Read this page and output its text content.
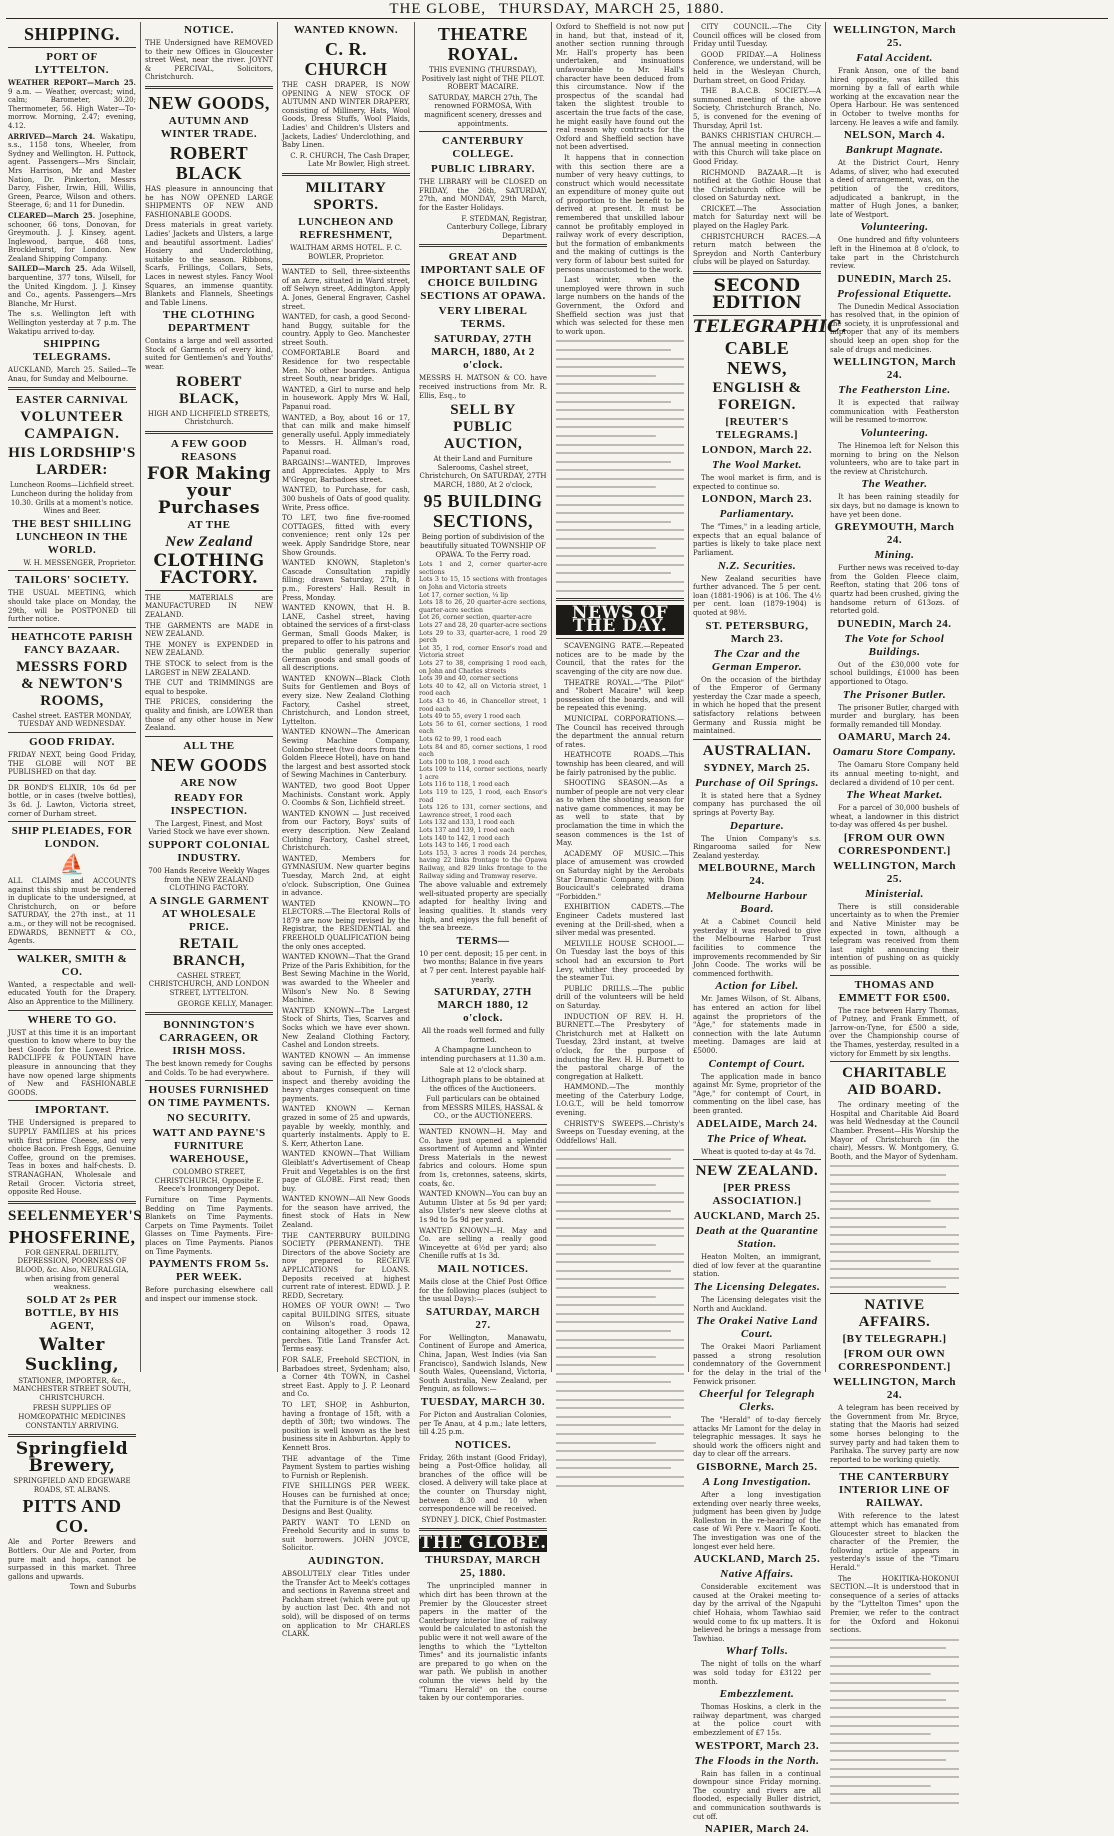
THE GLOBE, THURSDAY, MARCH 25, 1880.
SHIPPING.
PORT OF LYTTELTON.

WEATHER REPORT—March 25. 9 a.m. — Weather, overcast; wind, calm; Barometer, 30.20; Thermometer, 56. High Water—To-morrow. Morning, 2.47; evening, 4.12.

ARRIVED—March 24. Wakatipu, s.s., 1158 tons, Wheeler, from Sydney and Wellington. H. Puttock, agent. Passengers—Mrs Sinclair, Mrs Harrison, Mr and Master Nation, Dr. Pinkerton, Messrs Darcy, Fisher, Irwin, Hill, Willis, Green, Pearce, Wilson and others. Steerage, 6; and 11 for Dunedin.

CLEARED—March 25. Josephine, schooner, 66 tons, Donovan, for Greymouth. J. J. Kinsey, agent. Inglewood, barque, 468 tons, Brocklehurst, for London. New Zealand Shipping Company.

SAILED—March 25. Ada Wilsell, barquentine, 377 tons, Wilsell, for the United Kingdom. J. J. Kinsey and Co., agents. Passengers—Mrs Blanche, Mr Hurst.

The s.s. Wellington left with Wellington yesterday at 7 p.m. The Wakatipu arrived to-day.

SHIPPING TELEGRAMS.

AUCKLAND, March 25. Sailed—Te Anau, for Sunday and Melbourne.

EASTER CARNIVAL
VOLUNTEER CAMPAIGN.
HIS LORDSHIP'S LARDER:

Luncheon Rooms—Lichfield street. Luncheon during the holiday from 10.30. Grills at a moment's notice. Wines and Beer.

THE BEST SHILLING LUNCHEON IN THE WORLD.

W. H. MESSENGER, Proprietor.

TAILORS' SOCIETY.

THE USUAL MEETING, which should take place on Monday, the 29th, will be POSTPONED till further notice.

HEATHCOTE PARISH FANCY BAZAAR.
MESSRS FORD & NEWTON'S ROOMS,

Cashel street. EASTER MONDAY, TUESDAY AND WEDNESDAY.

GOOD FRIDAY.

FRIDAY NEXT, being Good Friday, THE GLOBE will NOT BE PUBLISHED on that day.

DR BOND'S ELIXIR, 10s 6d per bottle, or in cases (twelve bottles), 3s 6d. J. Lawton, Victoria street, corner of Durham street.

SHIP PLEIADES, FOR LONDON.
⛵

ALL CLAIMS and ACCOUNTS against this ship must be rendered in duplicate to the undersigned, at Christchurch, on or before SATURDAY, the 27th inst., at 11 a.m., or they will not be recognised. EDWARDS, BENNETT & CO., Agents.

WALKER, SMITH & CO.

Wanted, a respectable and well-educated Youth for the Drapery. Also an Apprentice to the Millinery.

WHERE TO GO.

JUST at this time it is an important question to know where to buy the best Goods for the Lowest Price. RADCLIFFE & FOUNTAIN have pleasure in announcing that they have now opened large shipments of New and FASHIONABLE GOODS.

IMPORTANT.

THE Undersigned is prepared to SUPPLY FAMILIES at his prices with first prime Cheese, and very choice Bacon. Fresh Eggs, Genuine Coffee, ground on the premises. Teas in boxes and half-chests. D. STRANAGHAN, Wholesale and Retail Grocer. Victoria street, opposite Red House.

SEELENMEYER'S
PHOSFERINE,

FOR GENERAL DEBILITY, DEPRESSION, POORNESS OF BLOOD, &c. Also, NEURALGIA, when arising from general weakness.

SOLD AT 2s PER BOTTLE, BY HIS AGENT,
Walter Suckling,

STATIONER, IMPORTER, &c., MANCHESTER STREET SOUTH, CHRISTCHURCH.

FRESH SUPPLIES OF HOMŒOPATHIC MEDICINES CONSTANTLY ARRIVING.

Springfield Brewery,

SPRINGFIELD AND EDGEWARE ROADS, ST. ALBANS.

PITTS AND CO.

Ale and Porter Brewers and Bottlers. Our Ale and Porter, from pure malt and hops, cannot be surpassed in this market. Three gallons and upwards.

Town and Suburbs

NOTICE.

THE Undersigned have REMOVED to their new Offices in Gloucester street West, near the river. JOYNT & PERCIVAL, Solicitors, Christchurch.

NEW GOODS,
AUTUMN AND WINTER TRADE.
ROBERT BLACK

HAS pleasure in announcing that he has NOW OPENED LARGE SHIPMENTS OF NEW AND FASHIONABLE GOODS.

Dress materials in great variety. Ladies' Jackets and Ulsters, a large and beautiful assortment. Ladies' Hosiery and Underclothing, suitable to the season. Ribbons, Scarfs, Frillings, Collars, Sets, Laces in newest styles. Fancy Wool Squares, an immense quantity. Blankets and Flannels, Sheetings and Table Linens.

THE CLOTHING DEPARTMENT

Contains a large and well assorted Stock of Garments of every kind, suited for Gentlemen's and Youths' wear.

ROBERT BLACK,

HIGH AND LICHFIELD STREETS, Christchurch.

A FEW GOOD REASONS
FOR Making your Purchases
AT THE
New Zealand
CLOTHING FACTORY.

THE MATERIALS are MANUFACTURED IN NEW ZEALAND.

THE GARMENTS are MADE in NEW ZEALAND.

THE MONEY is EXPENDED in NEW ZEALAND.

THE STOCK to select from is the LARGEST in NEW ZEALAND.

THE CUT and TRIMMINGS are equal to bespoke.

THE PRICES, considering the quality and finish, are LOWER than those of any other house in New Zealand.

ALL THE
NEW GOODS
ARE NOW
READY FOR INSPECTION.

The Largest, Finest, and Most Varied Stock we have ever shown.

SUPPORT COLONIAL INDUSTRY.

700 Hands Receive Weekly Wages from the NEW ZEALAND CLOTHING FACTORY.

A SINGLE GARMENT AT WHOLESALE PRICE.
RETAIL BRANCH,

CASHEL STREET, CHRISTCHURCH, AND LONDON STREET, LYTTELTON.

GEORGE KELLY, Manager.

BONNINGTON'S CARRAGEEN, OR IRISH MOSS.

The best known remedy for Coughs and Colds. To be had everywhere.

HOUSES FURNISHED ON TIME PAYMENTS.
NO SECURITY.
WATT AND PAYNE'S FURNITURE WAREHOUSE,

COLOMBO STREET, CHRISTCHURCH, Opposite E. Reece's Ironmongery Depot.

Furniture on Time Payments. Bedding on Time Payments. Blankets on Time Payments. Carpets on Time Payments. Toilet Glasses on Time Payments. Fire-places on Time Payments. Pianos on Time Payments.

PAYMENTS FROM 5s. PER WEEK.

Before purchasing elsewhere call and inspect our immense stock.

WANTED KNOWN.
C. R. CHURCH

THE CASH DRAPER, IS NOW OPENING A NEW STOCK OF AUTUMN AND WINTER DRAPERY, consisting of Millinery, Hats, Wool Goods, Dress Stuffs, Wool Plaids, Ladies' and Children's Ulsters and Jackets, Ladies' Underclothing, and Baby Linen.

C. R. CHURCH, The Cash Draper, Late Mr Bowler, High street.

MILITARY SPORTS.
LUNCHEON AND REFRESHMENT,

WALTHAM ARMS HOTEL. F. C. BOWLER, Proprietor.

WANTED to Sell, three-sixteenths of an Acre, situated in Ward street, off Selwyn street, Addington. Apply A. Jones, General Engraver, Cashel street.

WANTED, for cash, a good Second-hand Buggy, suitable for the country. Apply to Geo. Manchester street South.

COMFORTABLE Board and Residence for two respectable Men. No other boarders. Antigua street South, near bridge.

WANTED, a Girl to nurse and help in housework. Apply Mrs W. Hall, Papanui road.

WANTED, a Boy, about 16 or 17, that can milk and make himself generally useful. Apply immediately to Messrs. H. Allman's road, Papanui road.

BARGAINS!—WANTED, Improves and Appreciates. Apply to Mrs M'Gregor, Barbadoes street.

WANTED, to Purchase, for cash, 300 bushels of Oats of good quality. Write, Press office.

TO LET, two fine five-roomed COTTAGES, fitted with every convenience; rent only 12s per week. Apply Sandridge Store, near Show Grounds.

WANTED KNOWN, Stapleton's Cascade Consultation rapidly filling; drawn Saturday, 27th, 8 p.m., Foresters' Hall. Result in Press, Monday.

WANTED KNOWN, that H. B. LANE, Cashel street, having obtained the services of a first-class German, Small Goods Maker, is prepared to offer to his patrons and the public generally superior German goods and small goods of all descriptions.

WANTED KNOWN—Black Cloth Suits for Gentlemen and Boys of every size. New Zealand Clothing Factory, Cashel street, Christchurch, and London street, Lyttelton.

WANTED KNOWN—The American Sewing Machine Company, Colombo street (two doors from the Golden Fleece Hotel), have on hand the largest and best assorted stock of Sewing Machines in Canterbury.

WANTED, two good Boot Upper Machinists. Constant work. Apply O. Coombs & Son, Lichfield street.

WANTED KNOWN — Just received from our Factory, Boys' suits of every description. New Zealand Clothing Factory, Cashel street, Christchurch.

WANTED, Members for GYMNASIUM. New quarter begins Tuesday, March 2nd, at eight o'clock. Subscription, One Guinea in advance.

WANTED KNOWN—TO ELECTORS.—The Electoral Rolls of 1879 are now being revised by the Registrar, the RESIDENTIAL and FREEHOLD QUALIFICATION being the only ones accepted.

WANTED KNOWN—That the Grand Prize of the Paris Exhibition, for the Best Sewing Machine in the World, was awarded to the Wheeler and Wilson's New No. 8 Sewing Machine.

WANTED KNOWN—The Largest Stock of Shirts, Ties, Scarves and Socks which we have ever shown. New Zealand Clothing Factory, Cashel and London streets.

WANTED KNOWN — An immense saving can be effected by persons about to Furnish, if they will inspect and thereby avoiding the heavy charges consequent on time payments.

WANTED KNOWN — Kernan grazed in some of 25 and upwards, payable by weekly, monthly, and quarterly instalments. Apply to E. S. Kerr, Atherton Lane.

WANTED KNOWN—That William Gleiblatt's Advertisement of Cheap Fruit and Vegetables is on the first page of GLOBE. First read; then buy.

WANTED KNOWN—All New Goods for the season have arrived, the finest stock of Hats in New Zealand.

THE CANTERBURY BUILDING SOCIETY (PERMANENT). THE Directors of the above Society are now prepared to RECEIVE APPLICATIONS for LOANS. Deposits received at highest current rate of interest. EDWD. J. P. REDD, Secretary.

HOMES OF YOUR OWN! — Two capital BUILDING SITES, situate on Wilson's road, Opawa, containing altogether 3 roods 12 perches. Title Land Transfer Act. Terms easy.

FOR SALE, Freehold SECTION, in Barbadoes street, Sydenham; also, a Corner 4th TOWN, in Cashel street East. Apply to J. P. Leonard and Co.

TO LET, SHOP, in Ashburton, having a frontage of 15ft, with a depth of 30ft; two windows. The position is well known as the best business site in Ashburton. Apply to Kennett Bros.

THE advantage of the Time Payment System to parties wishing to Furnish or Replenish.

FIVE SHILLINGS PER WEEK. Houses can be furnished at once; that the Furniture is of the Newest Designs and Best Quality.

PARTY WANT TO LEND on Freehold Security and in sums to suit borrowers. JOHN JOYCE, Solicitor.

AUDINGTON.

ABSOLUTELY clear Titles under the Transfer Act to Meek's cottages and sections in Ravenna street and Packham street (which were put up by auction last Dec. 4th and not sold), will be disposed of on terms on application to Mr CHARLES CLARK.

THEATRE ROYAL.

THIS EVENING (THURSDAY), Positively last night of THE PILOT. ROBERT MACAIRE.

SATURDAY, MARCH 27th, The renowned FORMOSA, With magnificent scenery, dresses and appointments.

CANTERBURY COLLEGE.
PUBLIC LIBRARY.

THE LIBRARY will be CLOSED on FRIDAY, the 26th, SATURDAY, 27th, and MONDAY, 29th March, for the Easter Holidays.

F. STEDMAN, Registrar, Canterbury College, Library Department.

GREAT AND IMPORTANT SALE OF CHOICE BUILDING SECTIONS AT OPAWA.
VERY LIBERAL TERMS.
SATURDAY, 27TH MARCH, 1880, At 2 o'clock.

MESSRS H. MATSON & CO. have received instructions from Mr. R. Ellis, Esq., to

SELL BY PUBLIC AUCTION,

At their Land and Furniture Salerooms, Cashel street, Christchurch, On SATURDAY, 27TH MARCH, 1880, At 2 o'clock,

95 BUILDING SECTIONS,

Being portion of subdivision of the beautifully situated TOWNSHIP OF OPAWA. To the Ferry road.

Lots 1 and 2, corner quarter-acre sections

Lots 3 to 15, 15 sections with frontages on John and Victoria streets

Lot 17, corner section, ¼ lip

Lots 18 to 26, 20 quarter-acre sections, quarter-acre section

Lot 26, corner section, quarter-acre

Lots 27 and 28, 20 quarter-acre sections

Lots 29 to 33, quarter-acre, 1 rood 29 perch

Lot 35, 1 rod, corner Ensor's road and Victoria street

Lots 27 to 38, comprising 1 rood each, on John and Charles streets

Lots 39 and 40, corner sections

Lots 40 to 42, all on Victoria street, 1 rood each

Lots 43 to 46, in Chancellor street, 1 rood each

Lots 49 to 55, every 1 rood each

Lots 56 to 61, corner sections, 1 rood each

Lots 62 to 99, 1 rood each

Lots 84 and 85, corner sections, 1 rood each

Lots 100 to 108, 1 rood each

Lots 109 to 114, corner sections, nearly 1 acre

Lots 116 to 118, 1 rood each

Lots 119 to 125, 1 rood, each Ensor's road

Lots 126 to 131, corner sections, and Lawrence street, 1 rood each

Lots 132 and 133, 1 rood each

Lots 137 and 139, 1 rood each

Lots 140 to 142, 1 rood each

Lots 143 to 146, 1 rood each

Lots 153, 3 acres 3 roods 24 perches, having 22 links frontage to the Opawa Railway, and 829 links frontage to the Railway siding and Tramway reserve.

The above valuable and extremely well-situated property are specially adapted for healthy living and leasing qualities. It stands very high, and enjoys the full benefit of the sea breeze.

TERMS—

10 per cent. deposit; 15 per cent. in two months; Balance in five years at 7 per cent. Interest payable half-yearly.

SATURDAY, 27TH MARCH 1880, 12 o'clock.

All the roads well formed and fully formed.

A Champagne Luncheon to intending purchasers at 11.30 a.m.

Sale at 12 o'clock sharp.

Lithograph plans to be obtained at the offices of the Auctioneers.

Full particulars can be obtained from MESSRS MILES, HASSAL & CO., or the AUCTIONEERS.

WANTED KNOWN—H. May and Co. have just opened a splendid assortment of Autumn and Winter Dress Materials in the newest fabrics and colours. Home spun from 1s, cretonnes, sateens, skirts, coats, &c.

WANTED KNOWN—You can buy an Autumn Ulster at 5s 9d per yard; also Ulster's new sleeve cloths at 1s 9d to 5s 9d per yard.

WANTED KNOWN—H. May and Co. are selling a really good Winceyette at 6½d per yard; also Chenille ruffs at 1s 3d.

MAIL NOTICES.

Mails close at the Chief Post Office for the following places (subject to the usual Days):—

SATURDAY, MARCH 27.

For Wellington, Manawatu, Continent of Europe and America, China, Japan, West Indies (via San Francisco), Sandwich Islands, New South Wales, Queensland, Victoria, South Australia, New Zealand, per Penguin, as follows:—

TUESDAY, MARCH 30.

For Picton and Australian Colonies, per Te Anau, at 4 p.m.; late letters, till 4.25 p.m.

NOTICES.

Friday, 26th instant (Good Friday), being a Post-Office holiday, all branches of the office will be closed. A delivery will take place at the counter on Thursday night, between 8.30 and 10 when correspondence will be received.

SYDNEY J. DICK, Chief Postmaster.

THE GLOBE.
THURSDAY, MARCH 25, 1880.

The unprincipled manner in which dirt has been thrown at the Premier by the Gloucester street papers in the matter of the Canterbury interior line of railway would be calculated to astonish the public were it not well aware of the lengths to which the "Lyttelton Times" and its journalistic infants are prepared to go when on the war path. We publish in another column the views held by the "Timaru Herald" on the course taken by our contemporaries.

Oxford to Sheffield is not now put in hand, but that, instead of it, another section running through Mr. Hall's property has been undertaken, and insinuations unfavourable to Mr. Hall's character have been deduced from this circumstance. Now if the prospectus of the scandal had taken the slightest trouble to ascertain the true facts of the case, he might easily have found out the real reason why contracts for the Oxford and Sheffield section have not been advertised.

It happens that in connection with this section there are a number of very heavy cuttings, to construct which would necessitate an expenditure of money quite out of proportion to the benefit to be derived at present. It must be remembered that unskilled labour cannot be profitably employed in railway work of every description, but the formation of embankments and the making of cuttings is the very form of labour best suited for persons unaccustomed to the work.

Last winter, when the unemployed were thrown in such large numbers on the hands of the Government, the Oxford and Sheffield section was just that which was selected for these men to work upon.

NEWS OF THE DAY.

SCAVENGING RATE.—Repeated notices are to be made by the Council, that the rates for the scavenging of the city are now due.

THEATRE ROYAL.—"The Pilot" and "Robert Macaire" will keep possession of the boards, and will be repeated this evening.

MUNICIPAL CORPORATIONS.—The Council has received through the department the annual return of rates.

HEATHCOTE ROADS.—This township has been cleared, and will be fairly patronised by the public.

SHOOTING SEASON.—As a number of people are not very clear as to when the shooting season for native game commences, it may be as well to state that by proclamation the time in which the season commences is the 1st of May.

ACADEMY OF MUSIC.—This place of amusement was crowded on Saturday night by the Aerobats Star Dramatic Company, with Dion Boucicault's celebrated drama "Forbidden."

EXHIBITION CADETS.—The Engineer Cadets mustered last evening at the Drill-shed, when a silver medal was presented.

MELVILLE HOUSE SCHOOL.—On Tuesday last the boys of this school had an excursion to Port Levy, whither they proceeded by the steamer Tui.

PUBLIC DRILLS.—The public drill of the volunteers will be held on Saturday.

INDUCTION OF REV. H. H. BURNETT.—The Presbytery of Christchurch met at Halkett on Tuesday, 23rd instant, at twelve o'clock, for the purpose of inducting the Rev. H. H. Burnett to the pastoral charge of the congregation at Halkett.

HAMMOND.—The monthly meeting of the Caterbury Lodge, I.O.G.T., will be held tomorrow evening.

CHRISTY'S SWEEPS.—Christy's Sweeps on Tuesday evening, at the Oddfellows' Hall.

CITY COUNCIL.—The City Council offices will be closed from Friday until Tuesday.

GOOD FRIDAY.—A Holiness Conference, we understand, will be held in the Wesleyan Church, Durham street, on Good Friday.

THE B.A.C.B. SOCIETY.—A summoned meeting of the above Society, Christchurch Branch, No. 5, is convened for the evening of Thursday, April 1st.

BANKS CHRISTIAN CHURCH.—The annual meeting in connection with this Church will take place on Good Friday.

RICHMOND BAZAAR.—It is notified at the Gothic House that the Christchurch office will be closed on Saturday next.

CRICKET.—The Association match for Saturday next will be played on the Hagley Park.

CHRISTCHURCH RACES.—A return match between the Spreydon and North Canterbury clubs will be played on Saturday.

SECOND EDITION
TELEGRAPHIC.
CABLE NEWS,
ENGLISH & FOREIGN.
[REUTER'S TELEGRAMS.]
LONDON, March 22.
The Wool Market.

The wool market is firm, and is expected to continue so.

LONDON, March 23.
Parliamentary.

The "Times," in a leading article, expects that an equal balance of parties is likely to take place next Parliament.

N.Z. Securities.

New Zealand securities have further advanced. The 5 per cent. loan (1881-1906) is at 106. The 4½ per cent. loan (1879-1904) is quoted at 98½.

ST. PETERSBURG, March 23.
The Czar and the German Emperor.

On the occasion of the birthday of the Emperor of Germany yesterday the Czar made a speech, in which he hoped that the present satisfactory relations between Germany and Russia might be maintained.

AUSTRALIAN.
SYDNEY, March 25.
Purchase of Oil Springs.

It is stated here that a Sydney company has purchased the oil springs at Poverty Bay.

Departure.

The Union Company's s.s. Ringarooma sailed for New Zealand yesterday.

MELBOURNE, March 24.
Melbourne Harbour Board.

At a Cabinet Council held yesterday it was resolved to give the Melbourne Harbor Trust facilities to commence the improvements recommended by Sir John Coode. The works will be commenced forthwith.

Action for Libel.

Mr. James Wilson, of St. Albans, has entered an action for libel against the proprietors of the "Age," for statements made in connection with the late Autumn meeting. Damages are laid at £5000.

Contempt of Court.

The application made in banco against Mr. Syme, proprietor of the "Age," for contempt of Court, in commenting on the libel case, has been granted.

ADELAIDE, March 24.
The Price of Wheat.

Wheat is quoted to-day at 4s 7d.

NEW ZEALAND.
[PER PRESS ASSOCIATION.]
AUCKLAND, March 25.
Death at the Quarantine Station.

Heaton Molten, an immigrant, died of low fever at the quarantine station.

The Licensing Delegates.

The Licensing delegates visit the North and Auckland.

The Orakei Native Land Court.

The Orakei Maori Parliament passed a strong resolution condemnatory of the Government for the delay in the trial of the Fenwick prisoner.

Cheerful for Telegraph Clerks.

The "Herald" of to-day fiercely attacks Mr Lamont for the delay in telegraphic messages. It says he should work the officers night and day to clear off the arrears.

GISBORNE, March 25.
A Long Investigation.

After a long investigation extending over nearly three weeks, judgment has been given by Judge Rolleston in the re-hearing of the case of Wi Pere v. Maori Te Kooti. The investigation was one of the longest ever held here.

AUCKLAND, March 25.
Native Affairs.

Considerable excitement was caused at the Orakei meeting to-day by the arrival of the Ngapuhi chief Hohaia, whom Tawhiao said would come to fix up matters. It is believed he brings a message from Tawhiao.

Wharf Tolls.

The night of tolls on the wharf was sold today for £3122 per month.

Embezzlement.

Thomas Hoskins, a clerk in the railway department, was charged at the police court with embezzlement of £7 15s.

WESTPORT, March 23.
The Floods in the North.

Rain has fallen in a continual downpour since Friday morning. The country and rivers are all flooded, especially Buller district, and communication southwards is cut off.

NAPIER, March 24.
WELLINGTON, March 25.
Fatal Accident.

Frank Anson, one of the band hired opposite, was killed this morning by a fall of earth while working at the excavation near the Opera Harbour. He was sentenced in October to twelve months for larceny. He leaves a wife and family.

NELSON, March 4.
Bankrupt Magnate.

At the District Court, Henry Adams, of sliver, who had executed a deed of arrangement, was, on the petition of the creditors, adjudicated a bankrupt, in the matter of Hugh Jones, a banker, late of Westport.

Volunteering.

One hundred and fifty volunteers left in the Hinemoa at 8 o'clock, to take part in the Christchurch review.

DUNEDIN, March 25.
Professional Etiquette.

The Dunedin Medical Association has resolved that, in the opinion of the society, it is unprofessional and improper that any of its members should keep an open shop for the sale of drugs and medicines.

WELLINGTON, March 24.
The Featherston Line.

It is expected that railway communication with Featherston will be resumed to-morrow.

Volunteering.

The Hinemoa left for Nelson this morning to bring on the Nelson volunteers, who are to take part in the review at Christchurch.

The Weather.

It has been raining steadily for six days, but no damage is known to have yet been done.

GREYMOUTH, March 24.
Mining.

Further news was received to-day from the Golden Fleece claim, Reefton, stating that 206 tons of quartz had been crushed, giving the handsome return of 613ozs. of retorted gold.

DUNEDIN, March 24.
The Vote for School Buildings.

Out of the £30,000 vote for school buildings, £1000 has been apportioned to Otago.

The Prisoner Butler.

The prisoner Butler, charged with murder and burglary, has been formally remanded till Monday.

OAMARU, March 24.
Oamaru Store Company.

The Oamaru Store Company held its annual meeting to-night, and declared a dividend of 10 per cent.

The Wheat Market.

For a parcel of 30,000 bushels of wheat, a landowner in this district to-day was offered 4s per bushel.

[FROM OUR OWN CORRESPONDENT.]
WELLINGTON, March 25.
Ministerial.

There is still considerable uncertainty as to when the Premier and Native Minister may be expected in town, although a telegram was received from them last night announcing their intention of pushing on as quickly as possible.

THOMAS AND EMMETT FOR £500.

The race between Harry Thomas, of Putney, and Frank Emmett, of Jarrow-on-Tyne, for £500 a side, over the Championship course of the Thames, yesterday, resulted in a victory for Emmett by six lengths.

CHARITABLE AID BOARD.

The ordinary meeting of the Hospital and Charitable Aid Board was held Wednesday at the Council Chamber. Present—His Worship the Mayor of Christchurch (in the chair), Messrs. W. Montgomery, G. Booth, and the Mayor of Sydenham.

NATIVE AFFAIRS.
[BY TELEGRAPH.]
[FROM OUR OWN CORRESPONDENT.]
WELLINGTON, March 24.

A telegram has been received by the Government from Mr. Bryce, stating that the Maoris had seized some horses belonging to the survey party and had taken them to Parihaka. The survey party are now reported to be working quietly.

THE CANTERBURY INTERIOR LINE OF RAILWAY.

With reference to the latest attempt which has emanated from Gloucester street to blacken the character of the Premier, the following article appears in yesterday's issue of the "Timaru Herald."

The HOKITIKA-HOKONUI SECTION.—It is understood that in consequence of a series of attacks by the "Lyttelton Times" upon the Premier, we refer to the contract for the Oxford and Hokonui sections.
